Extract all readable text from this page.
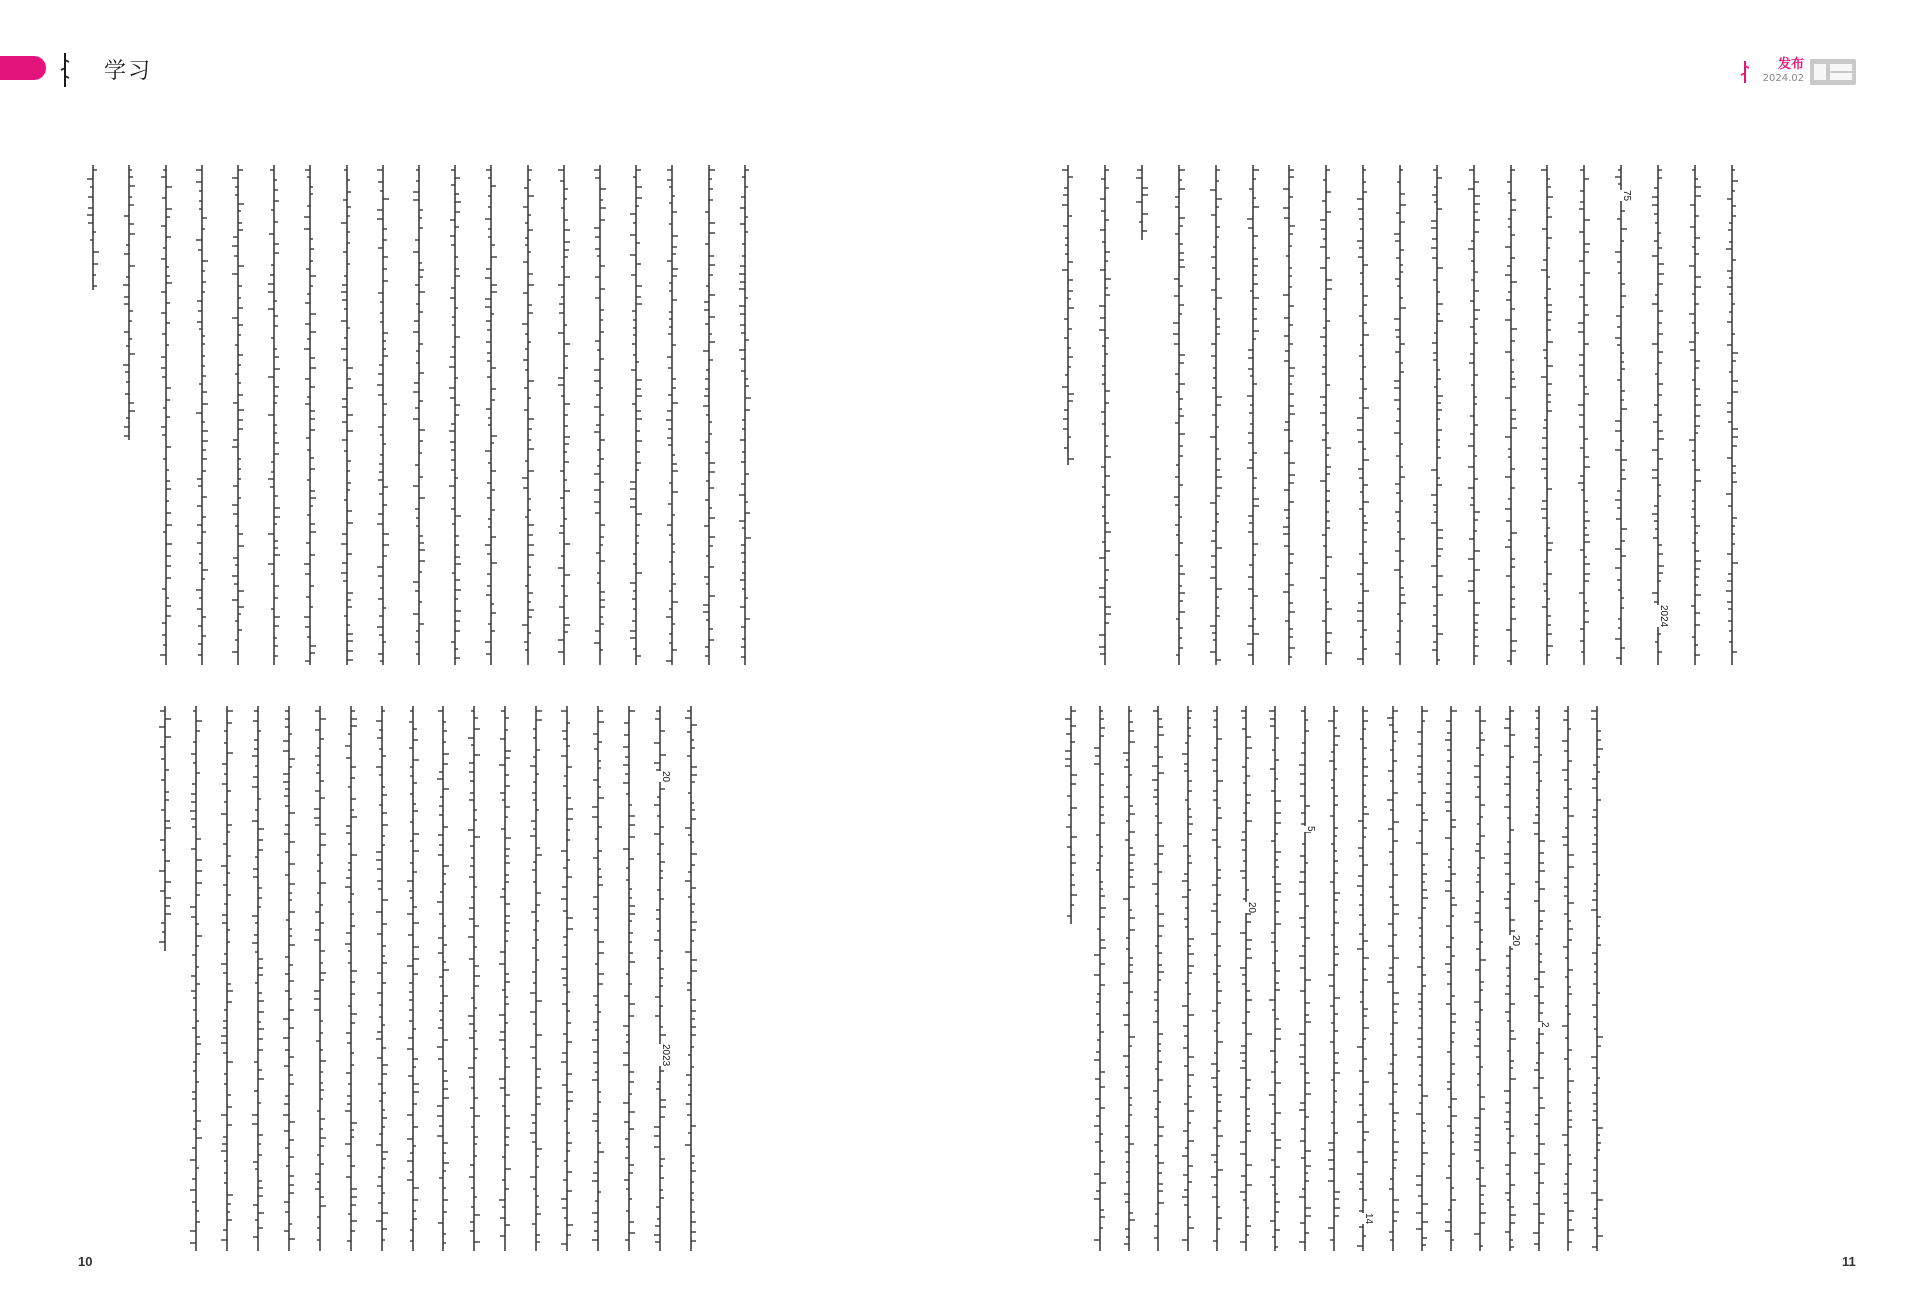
学习	发布
2024.02
2023
20
2024
75
2
20
14
5
20
10	11
